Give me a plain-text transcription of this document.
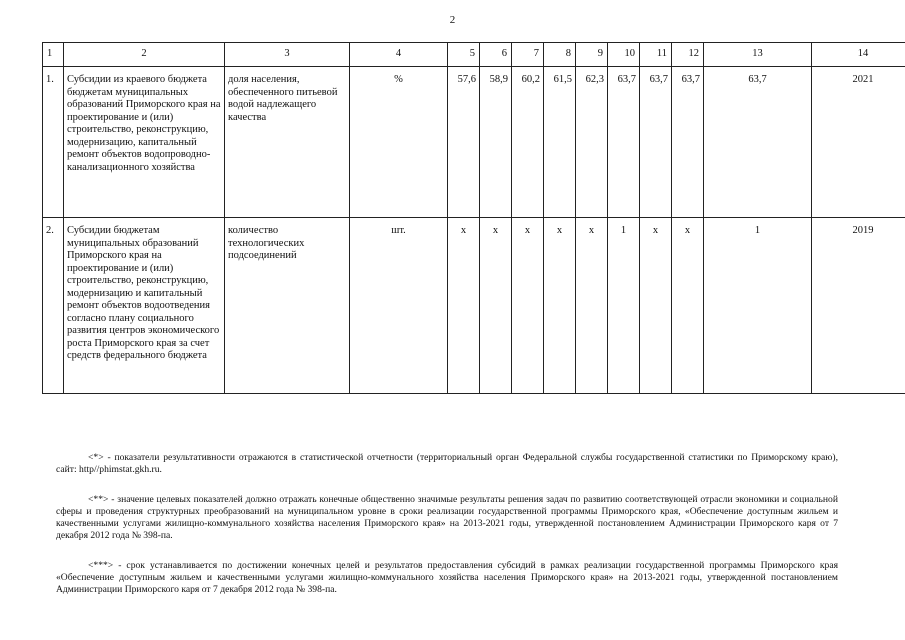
2
1	2	3	4	5	6	7	8	9	10	11	12	13	14
1.	Субсидии из краевого бюджета бюджетам муниципальных образований Приморского края на проектирование и (или) строительство, реконструкцию, модернизацию, капитальный ремонт объектов водопроводно-канализационного хозяйства	доля населения, обеспеченного питьевой водой надлежащего качества	%	57,6	58,9	60,2	61,5	62,3	63,7	63,7	63,7	63,7	2021
2.	Субсидии бюджетам муниципальных образований Приморского края на проектирование и (или) строительство, реконструкцию, модернизацию и капитальный ремонт объектов водоотведения согласно плану социального развития центров экономического роста Приморского края за счет средств федерального бюджета	количество технологических подсоединений	шт.	х	х	х	х	х	1	х	х	1	2019

<*> - показатели результативности отражаются в статистической отчетности (территориальный орган Федеральной службы государственной статистики по Приморскому краю), сайт: http//phimstat.gkh.ru.

<**> - значение целевых показателей должно отражать конечные общественно значимые результаты решения задач по развитию соответствующей отрасли экономики и социальной сферы и проведения структурных преобразований на муниципальном уровне в сроки реализации государственной программы Приморского края, «Обеспечение доступным жильем и качественными услугами жилищно-коммунального хозяйства населения Приморского края» на 2013-2021 годы, утвержденной постановлением Администрации Приморского каря от 7 декабря 2012 года № 398-па.

<***> - срок устанавливается по достижении конечных целей и результатов предоставления субсидий в рамках реализации государственной программы Приморского края «Обеспечение доступным жильем и качественными услугами жилищно-коммунального хозяйства населения Приморского края» на 2013-2021 годы, утвержденной постановлением Администрации Приморского каря от 7 декабря 2012 года № 398-па.
